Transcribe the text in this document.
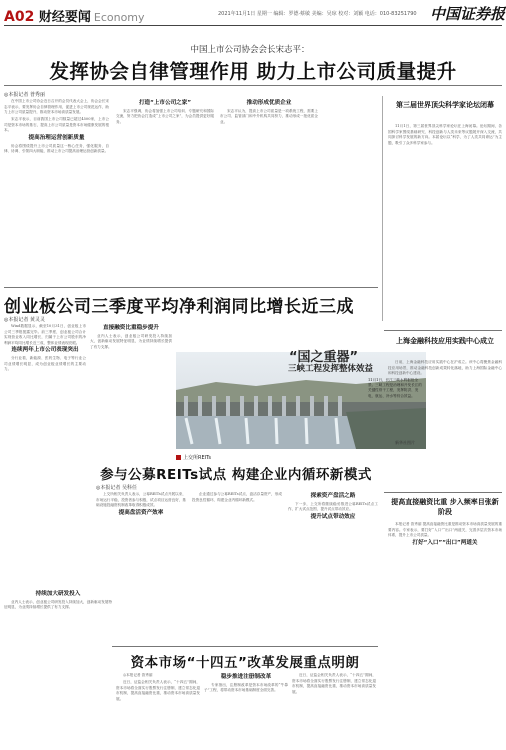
A02 财经要闻 Economy	2021年11月1日 星期一 编辑：罗德·蔡敏 美编：吴琼 校对：刘颖 电话：010-83251790 中国证券报
中国上市公司协会会长宋志平：
发挥协会自律管理作用 助力上市公司质量提升
◎本报记者 昝秀丽

在中国上市公司协会近日召开的会员代表大会上，协会会长宋志平表示，要发挥协会自律管理作用，促进上市公司规范运作，助力上市公司质量提升，推动资本市场高质量发展。

宋志平表示，目前我国上市公司数量已超过4500家，上市公司是资本市场的基石，提高上市公司质量是资本市场健康发展的根本。

提高治理运营创新质量

协会将围绕提升上市公司质量这一核心任务，强化服务、自律、协调、引领四大职能，推动上市公司提高治理运营创新质量。

打造“上市公司之家”

宋志平强调，协会将加强上市公司培训、专题研究和国际交流，努力把协会打造成“上市公司之家”，为会员提供更好服务。

推动形成优质企业

宋志平认为，提高上市公司质量是一项系统工程，需要上市公司、监管部门和中介机构共同努力，推动形成一批优质企业。

第三届世界顶尖科学家论坛闭幕

11月1日，第三届世界顶尖科学家论坛在上海闭幕。论坛期间，各国科学家围绕基础研究、科技创新与人类未来等议题展开深入交流，共同探讨科学发展的新方向。本届论坛以“科学，为了人类共同命运”为主题，吸引了众多科学家参与。

创业板公司三季度平均净利润同比增长近三成
◎本报记者 黄灵灵

Wind数据显示，截至10月31日，创业板上市公司三季报披露完毕。前三季度，创业板公司合计实现营业收入同比增长，归属于上市公司股东的净利润平均同比增长近三成，整体业绩表现亮眼。

连续两年上市公司表现突出

分行业看，新能源、医药生物、电子等行业公司业绩增长明显，成为创业板业绩增长的主要动力。

直接融资比重稳步提升

业内人士表示，创业板公司研发投入持续加大，创新驱动发展特征明显，为业绩持续增长提供了有力支撑。

持续加大研发投入

业内人士表示，创业板公司研发投入持续加大，创新驱动发展特征明显，为业绩持续增长提供了有力支撑。

“国之重器”
三峡工程发挥整体效益
11月1日，长江三峡水利枢纽全景。三峡工程是治理和开发长江的关键性骨干工程，发挥防洪、发电、航运、补水等综合效益。
新华社图片
上交所REITs
参与公募REITs试点 构建企业内循环新模式
◎本报记者 吴科任

上交所相关负责人表示，公募REITs试点开展以来，市场运行平稳，投资者参与积极，试点项目运营良好，基础设施投融资机制改革取得积极成效。

提高盘活资产效率

企业通过参与公募REITs试点，盘活存量资产，形成投资良性循环，构建企业内循环新模式。

探索资产盘活之路

下一步，上交所将继续稳妥推进公募REITs试点工作，扩大试点范围，提升试点带动效应。

提升试点带动效应
上海金融科技应用实践中心成立

日前，上海金融科技应用实践中心在沪成立。该中心将聚焦金融科技应用场景，推动金融科技创新成果转化落地，助力上海国际金融中心和科技创新中心建设。

提高直接融资比重 步入频率目张新阶段

本报记者 昝秀丽 提高直接融资比重是推动资本市场高质量发展的重要内容。专家表示，要打好“入口”“出口”两道关，完善多层次资本市场体系，提升上市公司质量。

打好“入口”“出口”两道关
资本市场“十四五”改革发展重点明朗

◎本报记者 昝秀丽

近日，证监会相关负责人表示，“十四五”期间，资本市场将全面实行股票发行注册制，建立常态化退市机制，提高直接融资比重，推动资本市场高质量发展。

稳步推进注册制改革

专家指出，注册制改革是资本市场改革的“牛鼻子”工程，将带动资本市场基础制度全面完善。

近日，证监会相关负责人表示，“十四五”期间，资本市场将全面实行股票发行注册制，建立常态化退市机制，提高直接融资比重，推动资本市场高质量发展。
